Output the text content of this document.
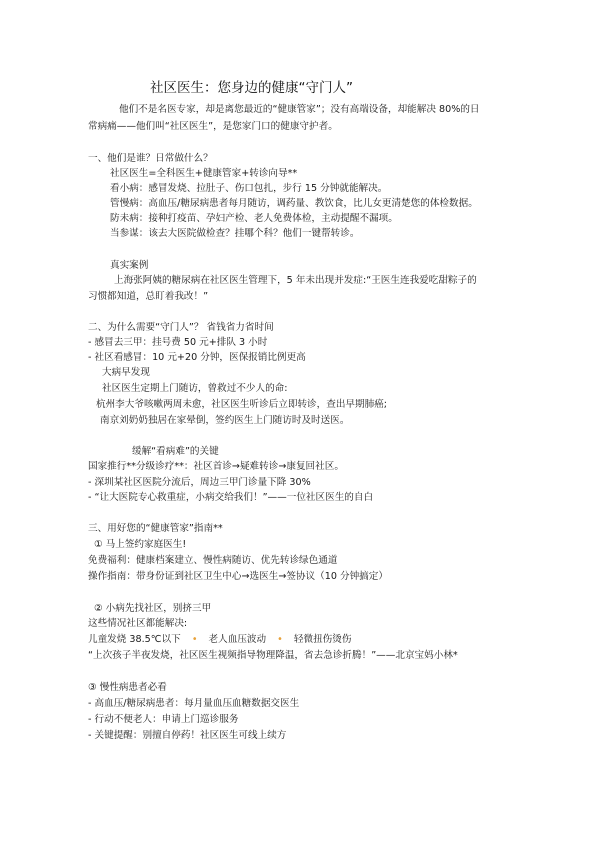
社区医生：您身边的健康“守门人”
他们不是名医专家，却是离您最近的“健康管家”；没有高端设备，却能解决 80%的日
常病痛——他们叫“社区医生”，是您家门口的健康守护者。
一、他们是谁？日常做什么？
社区医生=全科医生+健康管家+转诊向导**
看小病：感冒发烧、拉肚子、伤口包扎，步行 15 分钟就能解决。
管慢病：高血压/糖尿病患者每月随访，调药量、教饮食，比儿女更清楚您的体检数据。
防未病：接种打疫苗、孕妇产检、老人免费体检，主动提醒不漏项。
当参谋：该去大医院做检查？挂哪个科？他们一键帮转诊。
真实案例
上海张阿姨的糖尿病在社区医生管理下，5 年未出现并发症:“王医生连我爱吃甜粽子的
习惯都知道，总盯着我改！”
二、为什么需要“守门人”？ 省钱省力省时间
- 感冒去三甲：挂号费 50 元+排队 3 小时
- 社区看感冒：10 元+20 分钟，医保报销比例更高
大病早发现
社区医生定期上门随访，曾救过不少人的命:
杭州李大爷咳嗽两周未愈，社区医生听诊后立即转诊，查出早期肺癌;
南京刘奶奶独居在家晕倒，签约医生上门随访时及时送医。
缓解“看病难”的关键
国家推行**分级诊疗**：社区首诊→疑难转诊→康复回社区。
- 深圳某社区医院分流后，周边三甲门诊量下降 30%
- “让大医院专心救重症，小病交给我们！”——一位社区医生的自白
三、用好您的“健康管家”指南**
① 马上签约家庭医生!
免费福利：健康档案建立、慢性病随访、优先转诊绿色通道
操作指南：带身份证到社区卫生中心→选医生→签协议（10 分钟搞定）
② 小病先找社区，别挤三甲
这些情况社区都能解决:
儿童发烧 38.5℃以下 • 老人血压波动 • 轻微扭伤烫伤
“上次孩子半夜发烧，社区医生视频指导物理降温，省去急诊折腾！”——北京宝妈小林*
③ 慢性病患者必看
- 高血压/糖尿病患者：每月量血压血糖数据交医生
- 行动不便老人：申请上门巡诊服务
- 关键提醒：别擅自停药！社区医生可线上续方
